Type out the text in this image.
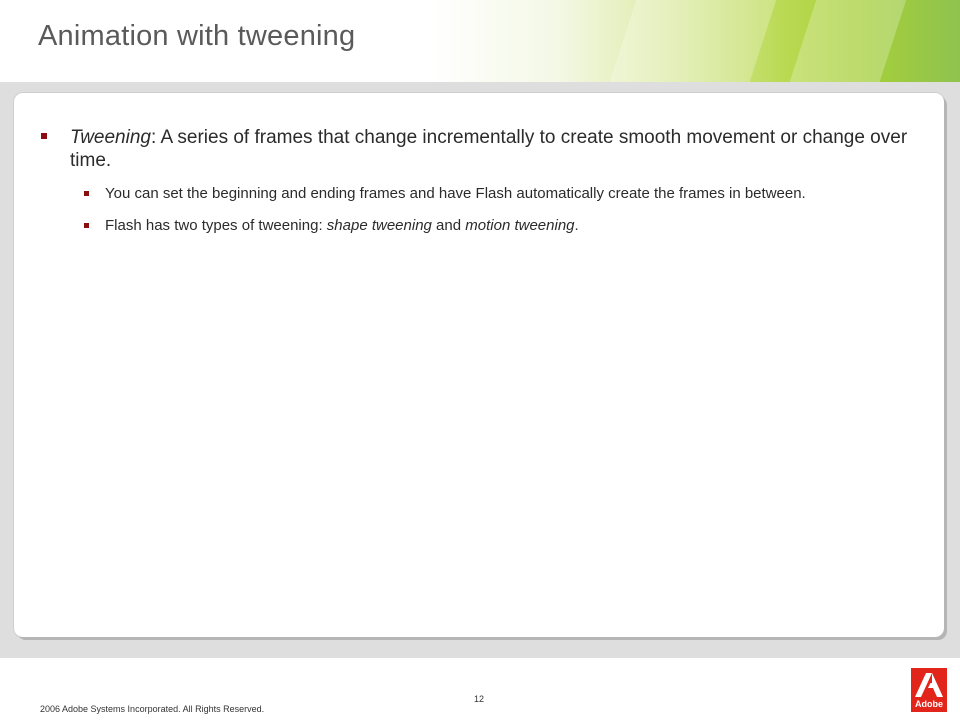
Animation with tweening
Tweening: A series of frames that change incrementally to create smooth movement or change over time.
You can set the beginning and ending frames and have Flash automatically create the frames in between.
Flash has two types of tweening: shape tweening and motion tweening.
2006 Adobe Systems Incorporated. All Rights Reserved.
12	Adobe
